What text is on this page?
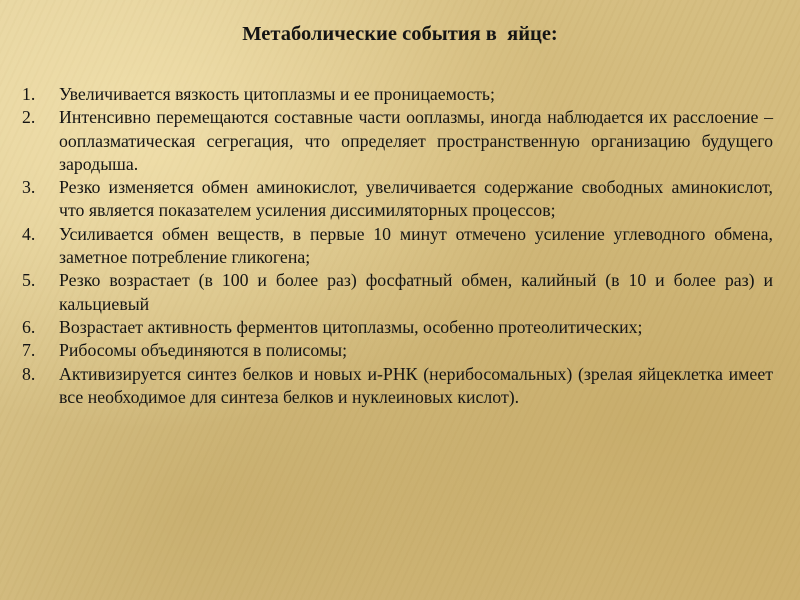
Метаболические события в  яйце:
1.	Увеличивается вязкость цитоплазмы и ее проницаемость;
2.	Интенсивно перемещаются составные части ооплазмы, иногда наблюдается их расслоение – ооплазматическая сегрегация, что определяет пространственную организацию будущего зародыша.
3.	Резко изменяется обмен аминокислот, увеличивается содержание свободных аминокислот, что является показателем усиления диссимиляторных процессов;
4.	Усиливается обмен веществ, в первые 10 минут отмечено усиление углеводного обмена, заметное потребление гликогена;
5.	Резко возрастает (в 100 и более раз) фосфатный обмен, калийный (в 10 и более раз) и кальциевый
6.	Возрастает активность ферментов цитоплазмы, особенно протеолитических;
7.	Рибосомы объединяются в полисомы;
8.	Активизируется синтез белков и новых и-РНК (нерибосомальных) (зрелая яйцеклетка имеет все необходимое для синтеза белков и нуклеиновых кислот).
